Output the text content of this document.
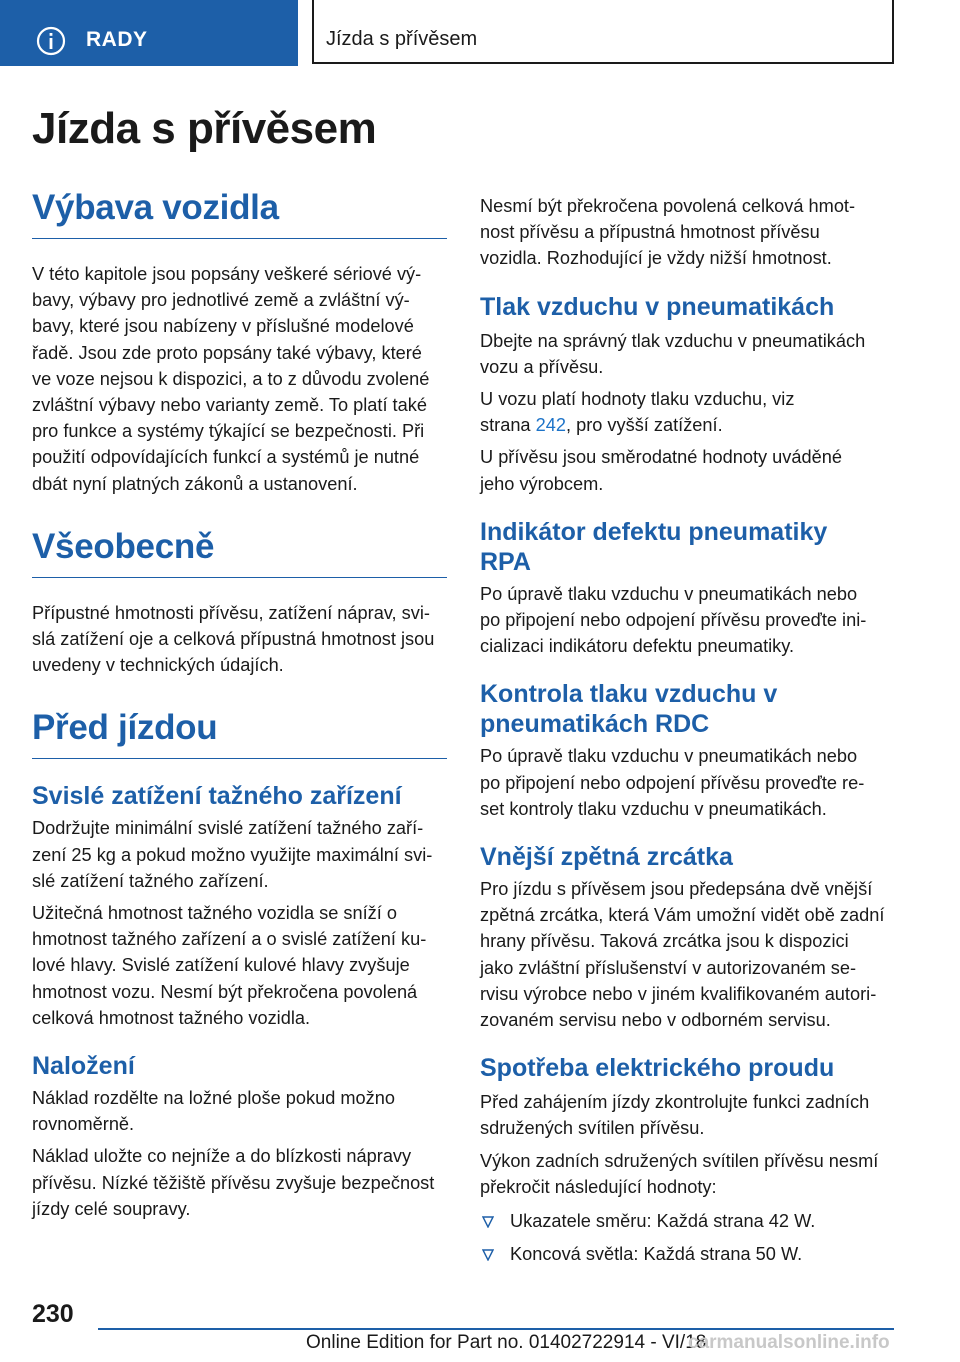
RADY	Jízda s přívěsem
Jízda s přívěsem
Výbava vozidla

V této kapitole jsou popsány veškeré sériové vý‐
bavy, výbavy pro jednotlivé země a zvláštní vý‐
bavy, které jsou nabízeny v příslušné modelové
řadě. Jsou zde proto popsány také výbavy, které
ve voze nejsou k dispozici, a to z důvodu zvolené
zvláštní výbavy nebo varianty země. To platí také
pro funkce a systémy týkající se bezpečnosti. Při
použití odpovídajících funkcí a systémů je nutné
dbát nyní platných zákonů a ustanovení.

Všeobecně

Přípustné hmotnosti přívěsu, zatížení náprav, svi‐
slá zatížení oje a celková přípustná hmotnost jsou
uvedeny v technických údajích.

Před jízdou
Svislé zatížení tažného zařízení

Dodržujte minimální svislé zatížení tažného zaří‐
zení 25 kg a pokud možno využijte maximální svi‐
slé zatížení tažného zařízení.

Užitečná hmotnost tažného vozidla se sníží o
hmotnost tažného zařízení a o svislé zatížení ku‐
lové hlavy. Svislé zatížení kulové hlavy zvyšuje
hmotnost vozu. Nesmí být překročena povolená
celková hmotnost tažného vozidla.

Naložení

Náklad rozdělte na ložné ploše pokud možno
rovnoměrně.

Náklad uložte co nejníže a do blízkosti nápravy
přívěsu. Nízké těžiště přívěsu zvyšuje bezpečnost
jízdy celé soupravy.

Nesmí být překročena povolená celková hmot‐
nost přívěsu a přípustná hmotnost přívěsu
vozidla. Rozhodující je vždy nižší hmotnost.

Tlak vzduchu v pneumatikách

Dbejte na správný tlak vzduchu v pneumatikách
vozu a přívěsu.

U vozu platí hodnoty tlaku vzduchu, viz
strana 242, pro vyšší zatížení.

U přívěsu jsou směrodatné hodnoty uváděné
jeho výrobcem.

Indikátor defektu pneumatiky
RPA

Po úpravě tlaku vzduchu v pneumatikách nebo
po připojení nebo odpojení přívěsu proveďte ini‐
cializaci indikátoru defektu pneumatiky.

Kontrola tlaku vzduchu v
pneumatikách RDC

Po úpravě tlaku vzduchu v pneumatikách nebo
po připojení nebo odpojení přívěsu proveďte re‐
set kontroly tlaku vzduchu v pneumatikách.

Vnější zpětná zrcátka

Pro jízdu s přívěsem jsou předepsána dvě vnější
zpětná zrcátka, která Vám umožní vidět obě zadní
hrany přívěsu. Taková zrcátka jsou k dispozici
jako zvláštní příslušenství v autorizovaném se‐
rvisu výrobce nebo v jiném kvalifikovaném autori‐
zovaném servisu nebo v odborném servisu.

Spotřeba elektrického proudu

Před zahájením jízdy zkontrolujte funkci zadních
sdružených svítilen přívěsu.

Výkon zadních sdružených svítilen přívěsu nesmí
překročit následující hodnoty:

Ukazatele směru: Každá strana 42 W.
Koncová světla: Každá strana 50 W.
230
Online Edition for Part no. 01402722914 - VI/18
carmanualsonline.info
